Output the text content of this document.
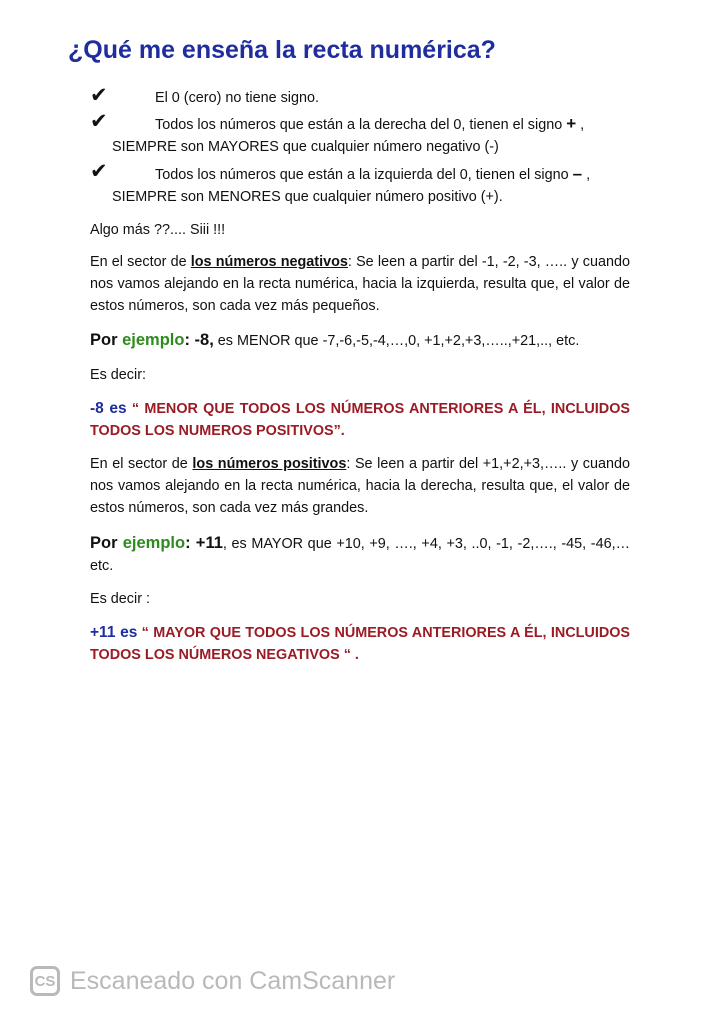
¿Qué me enseña la recta numérica?
✔	El 0 (cero) no tiene signo.
✔	Todos los números que están a la derecha del 0, tienen el signo + ,
SIEMPRE son MAYORES que cualquier número negativo (-)
✔	Todos los números que están a la izquierda del 0, tienen el signo – ,
SIEMPRE son MENORES que cualquier número positivo (+).
Algo más ??.... Siii !!!
En el sector de los números negativos: Se leen a partir del -1, -2, -3, ….. y cuando nos vamos alejando en la recta numérica, hacia la izquierda, resulta que, el valor de estos números, son cada vez más pequeños.
Por ejemplo: -8, es MENOR que -7,-6,-5,-4,…,0, +1,+2,+3,…..,+21,.., etc.
Es decir:
-8 es “ MENOR QUE TODOS LOS NÚMEROS ANTERIORES A ÉL, INCLUIDOS TODOS LOS NUMEROS POSITIVOS”.
En el sector de los números positivos: Se leen a partir del +1,+2,+3,….. y cuando nos vamos alejando en la recta numérica, hacia la derecha, resulta que, el valor de estos números, son cada vez más grandes.
Por ejemplo: +11, es MAYOR que +10, +9, …., +4, +3, ..0, -1, -2,…., -45, -46,…etc.
Es decir :
+11 es “ MAYOR QUE TODOS LOS NÚMEROS ANTERIORES A ÉL, INCLUIDOS TODOS LOS NÚMEROS NEGATIVOS “ .
CS Escaneado con CamScanner
